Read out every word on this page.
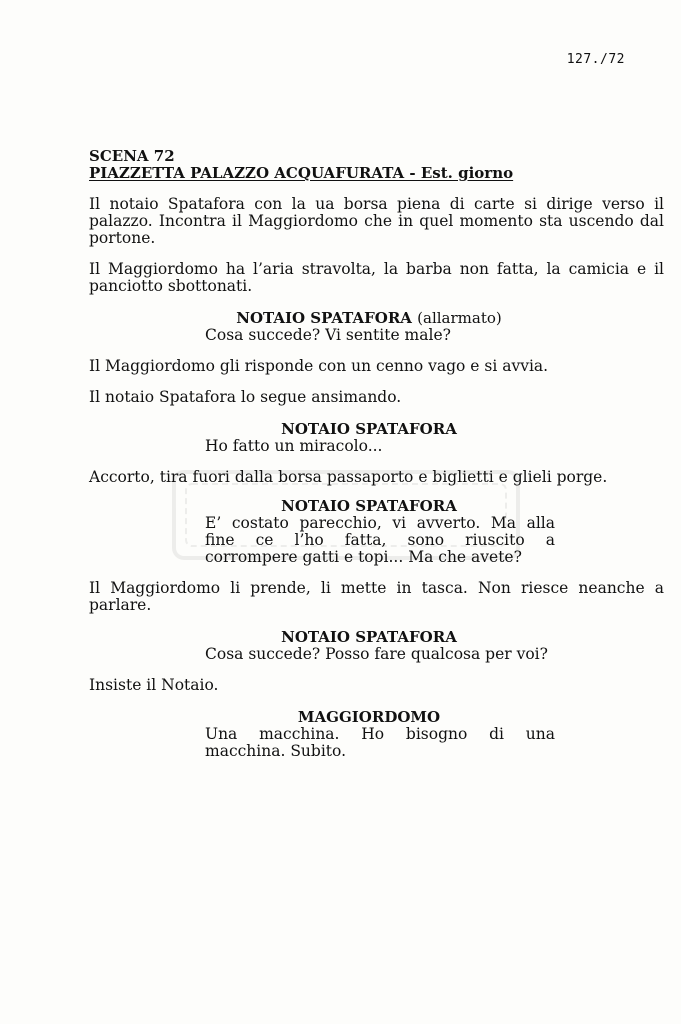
127./72
SCENA 72
PIAZZETTA PALAZZO ACQUAFURATA - Est. giorno

Il notaio Spatafora con la ua borsa piena di carte si dirige verso il palazzo. Incontra il Maggiordomo che in quel momento sta uscendo dal portone.

Il Maggiordomo ha l’aria stravolta, la barba non fatta, la camicia e il panciotto sbottonati.

NOTAIO SPATAFORA (allarmato)
Cosa succede? Vi sentite male?

Il Maggiordomo gli risponde con un cenno vago e si avvia.

Il notaio Spatafora lo segue ansimando.

NOTAIO SPATAFORA
Ho fatto un miracolo...

Accorto, tira fuori dalla borsa passaporto e biglietti e glieli porge.

NOTAIO SPATAFORA
E’ costato parecchio, vi avverto. Ma alla fine ce l’ho fatta, sono riuscito a corrompere gatti e topi... Ma che avete?

Il Maggiordomo li prende, li mette in tasca. Non riesce neanche a parlare.

NOTAIO SPATAFORA
Cosa succede? Posso fare qualcosa per voi?

Insiste il Notaio.

MAGGIORDOMO
Una macchina. Ho bisogno di una macchina. Subito.
